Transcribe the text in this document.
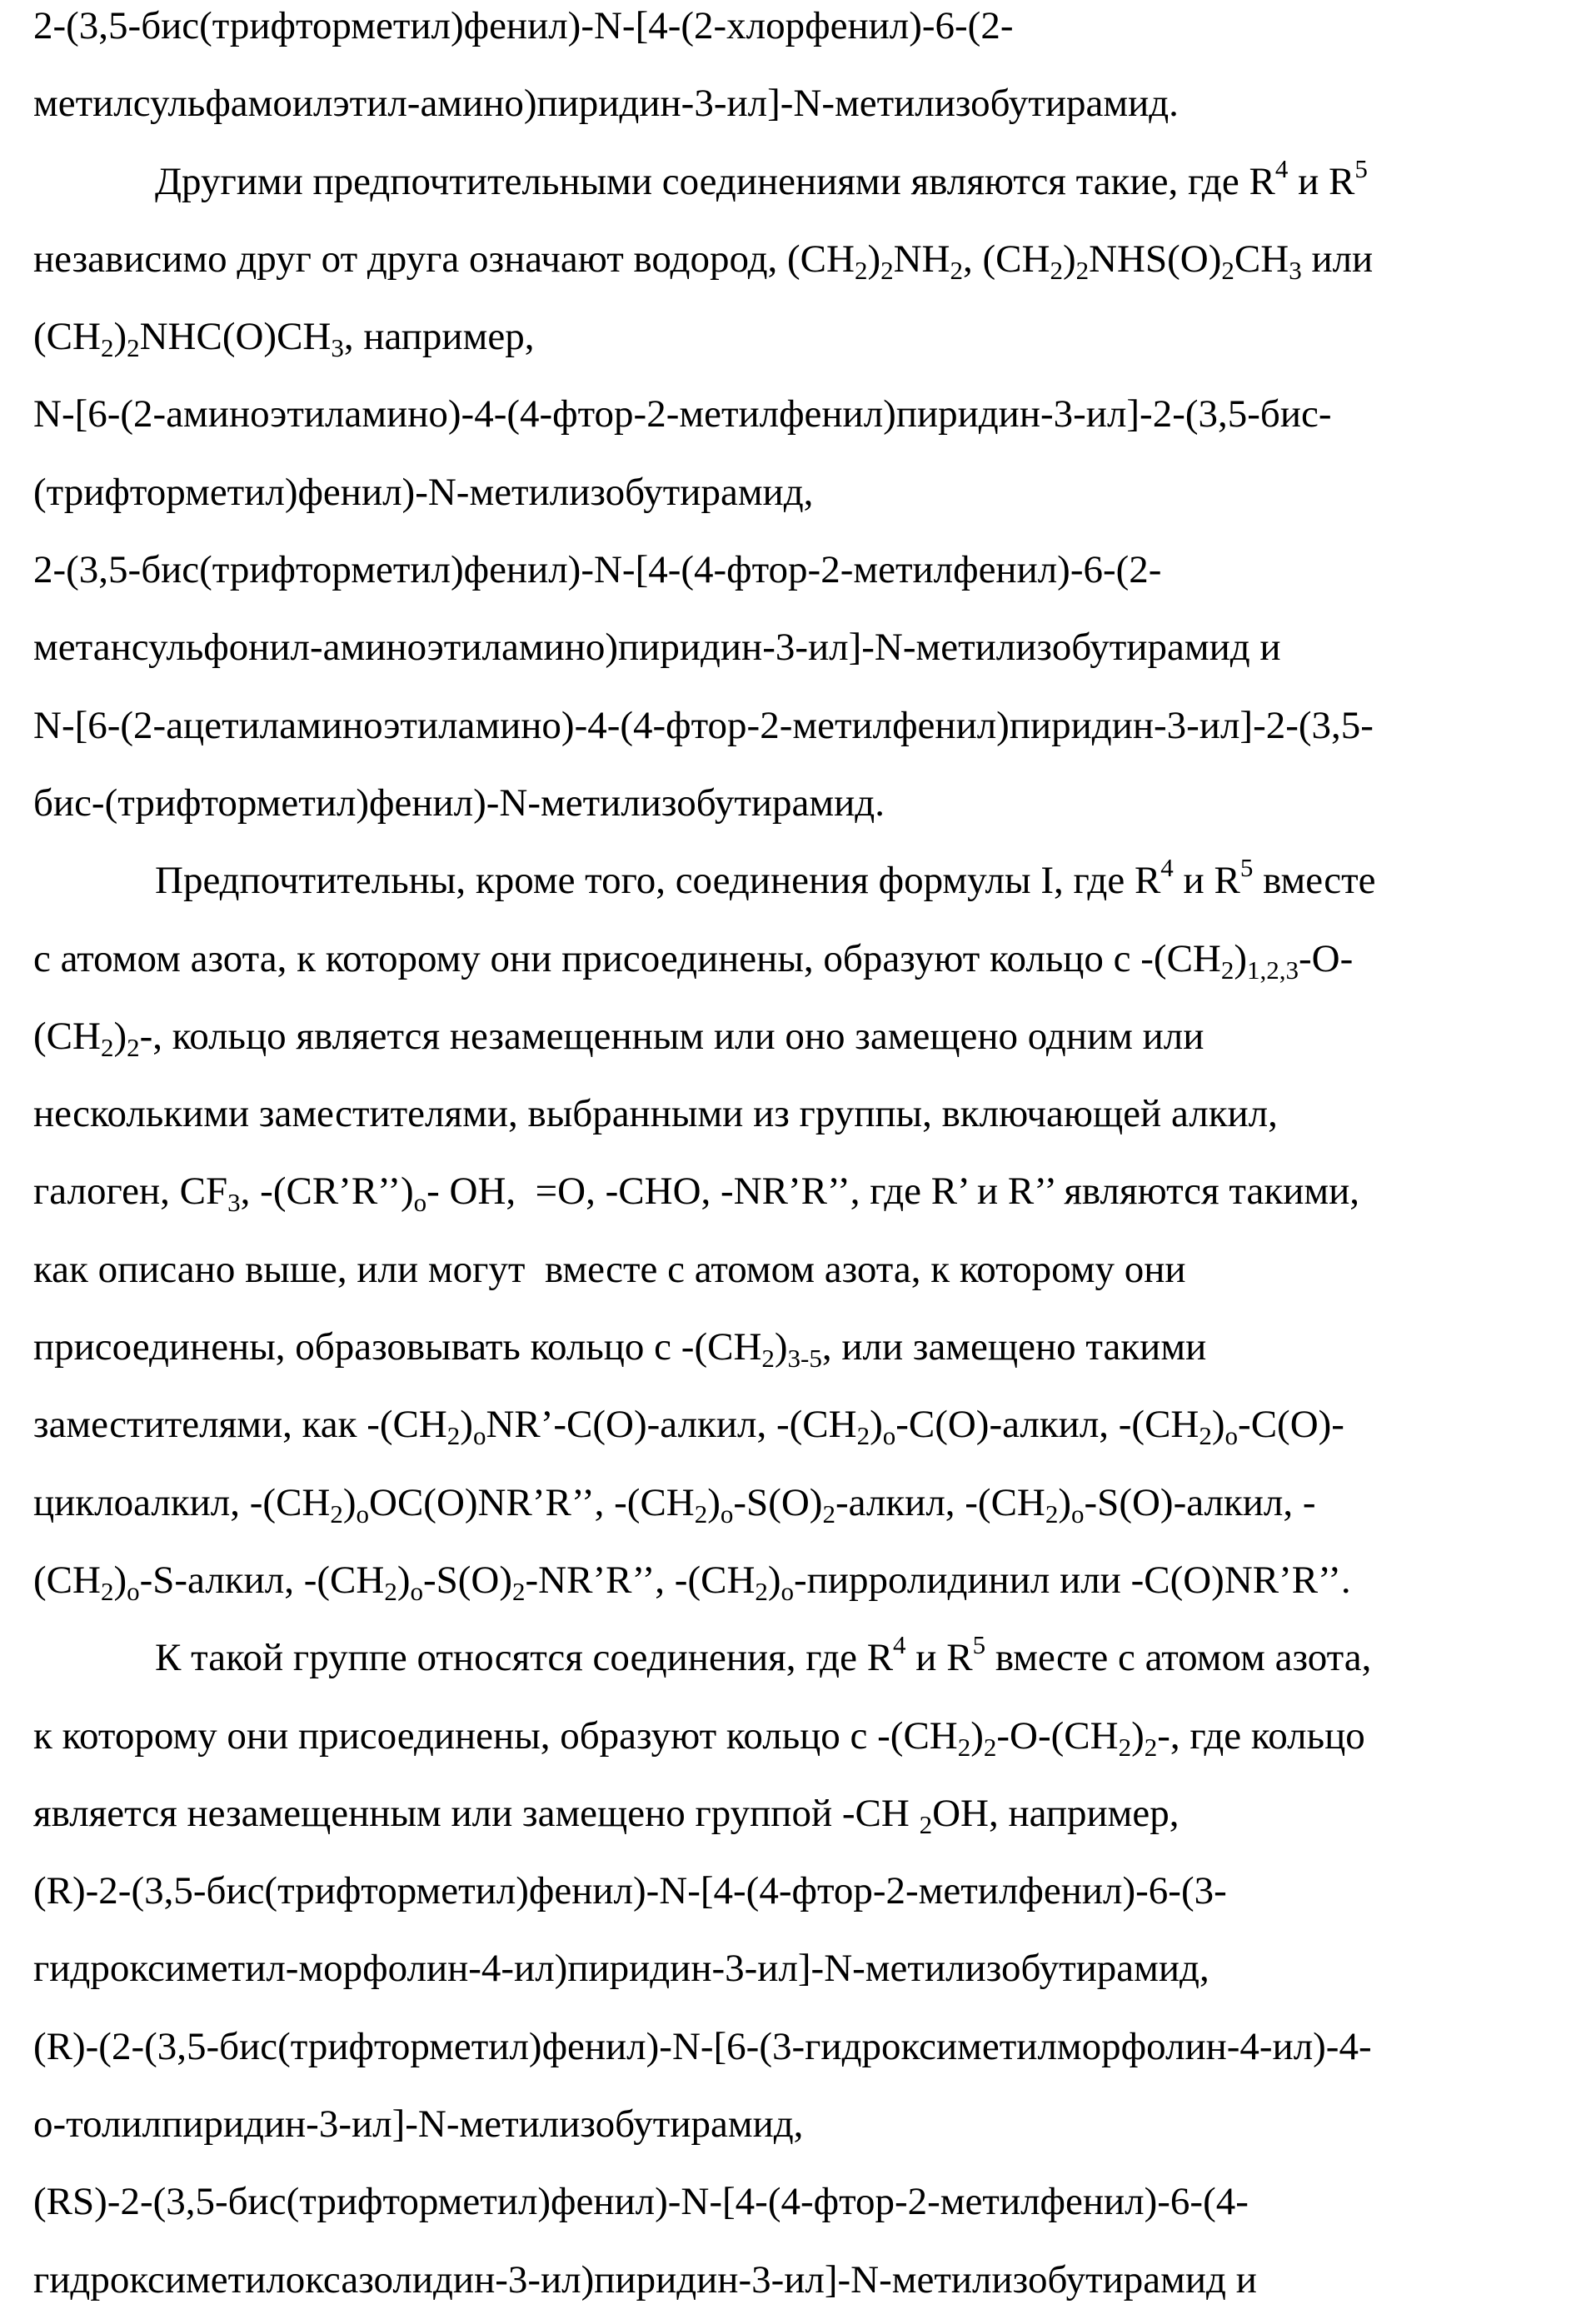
2-(3,5-бис(трифторметил)фенил)-N-[4-(2-хлорфенил)-6-(2-
метилсульфамоилэтил-амино)пиридин-3-ил]-N-метилизобутирамид.
Другими предпочтительными соединениями являются такие, где R4 и R5
независимо друг от друга означают водород, (CH2)2NH2, (CH2)2NHS(O)2CH3 или
(CH2)2NHC(O)CH3, например,
N-[6-(2-аминоэтиламино)-4-(4-фтор-2-метилфенил)пиридин-3-ил]-2-(3,5-бис-
(трифторметил)фенил)-N-метилизобутирамид,
2-(3,5-бис(трифторметил)фенил)-N-[4-(4-фтор-2-метилфенил)-6-(2-
метансульфонил-аминоэтиламино)пиридин-3-ил]-N-метилизобутирамид и
N-[6-(2-ацетиламиноэтиламино)-4-(4-фтор-2-метилфенил)пиридин-3-ил]-2-(3,5-
бис-(трифторметил)фенил)-N-метилизобутирамид.
Предпочтительны, кроме того, соединения формулы I, где R4 и R5 вместе
с атомом азота, к которому они присоединены, образуют кольцо с -(CH2)1,2,3-O-
(CH2)2-, кольцо является незамещенным или оно замещено одним или
несколькими заместителями, выбранными из группы, включающей алкил,
галоген, CF3, -(CR’R’’)o- OH,  =O, -CHO, -NR’R’’, где R’ и R’’ являются такими,
как описано выше, или могут  вместе с атомом азота, к которому они
присоединены, образовывать кольцо с -(CH2)3-5, или замещено такими
заместителями, как -(CH2)oNR’-C(O)-алкил, -(CH2)o-C(O)-алкил, -(CH2)o-C(O)-
циклоалкил, -(CH2)oOC(O)NR’R’’, -(CH2)o-S(O)2-алкил, -(CH2)o-S(O)-алкил, -
(CH2)o-S-алкил, -(CH2)o-S(O)2-NR’R’’, -(CH2)o-пирролидинил или -C(O)NR’R’’.
К такой группе относятся соединения, где R4 и R5 вместе с атомом азота,
к которому они присоединены, образуют кольцо с -(CH2)2-O-(CH2)2-, где кольцо
является незамещенным или замещено группой -CH 2OH, например,
(R)-2-(3,5-бис(трифторметил)фенил)-N-[4-(4-фтор-2-метилфенил)-6-(3-
гидроксиметил-морфолин-4-ил)пиридин-3-ил]-N-метилизобутирамид,
(R)-(2-(3,5-бис(трифторметил)фенил)-N-[6-(3-гидроксиметилморфолин-4-ил)-4-
о-толилпиридин-3-ил]-N-метилизобутирамид,
(RS)-2-(3,5-бис(трифторметил)фенил)-N-[4-(4-фтор-2-метилфенил)-6-(4-
гидроксиметилоксазолидин-3-ил)пиридин-3-ил]-N-метилизобутирамид и
